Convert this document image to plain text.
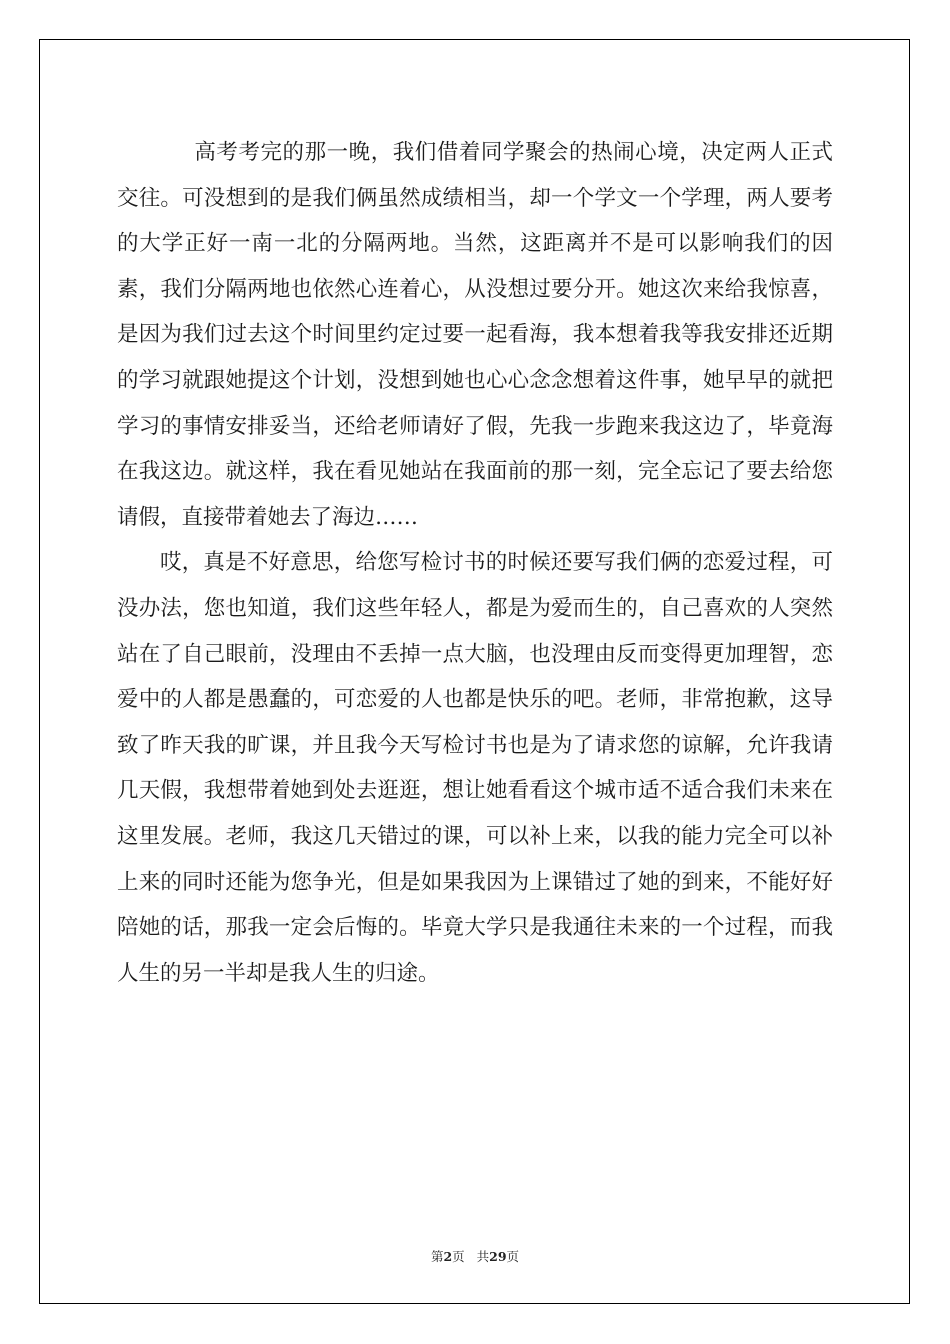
高考考完的那一晚，我们借着同学聚会的热闹心境，决定两人正式交往。可没想到的是我们俩虽然成绩相当，却一个学文一个学理，两人要考的大学正好一南一北的分隔两地。当然，这距离并不是可以影响我们的因素，我们分隔两地也依然心连着心，从没想过要分开。她这次来给我惊喜，是因为我们过去这个时间里约定过要一起看海，我本想着我等我安排还近期的学习就跟她提这个计划，没想到她也心心念念想着这件事，她早早的就把学习的事情安排妥当，还给老师请好了假，先我一步跑来我这边了，毕竟海在我这边。就这样，我在看见她站在我面前的那一刻，完全忘记了要去给您请假，直接带着她去了海边……

哎，真是不好意思，给您写检讨书的时候还要写我们俩的恋爱过程，可没办法，您也知道，我们这些年轻人，都是为爱而生的，自己喜欢的人突然站在了自己眼前，没理由不丢掉一点大脑，也没理由反而变得更加理智，恋爱中的人都是愚蠢的，可恋爱的人也都是快乐的吧。老师，非常抱歉，这导致了昨天我的旷课，并且我今天写检讨书也是为了请求您的谅解，允许我请几天假，我想带着她到处去逛逛，想让她看看这个城市适不适合我们未来在这里发展。老师，我这几天错过的课，可以补上来，以我的能力完全可以补上来的同时还能为您争光，但是如果我因为上课错过了她的到来，不能好好陪她的话，那我一定会后悔的。毕竟大学只是我通往未来的一个过程，而我人生的另一半却是我人生的归途。

第2页 共29页
